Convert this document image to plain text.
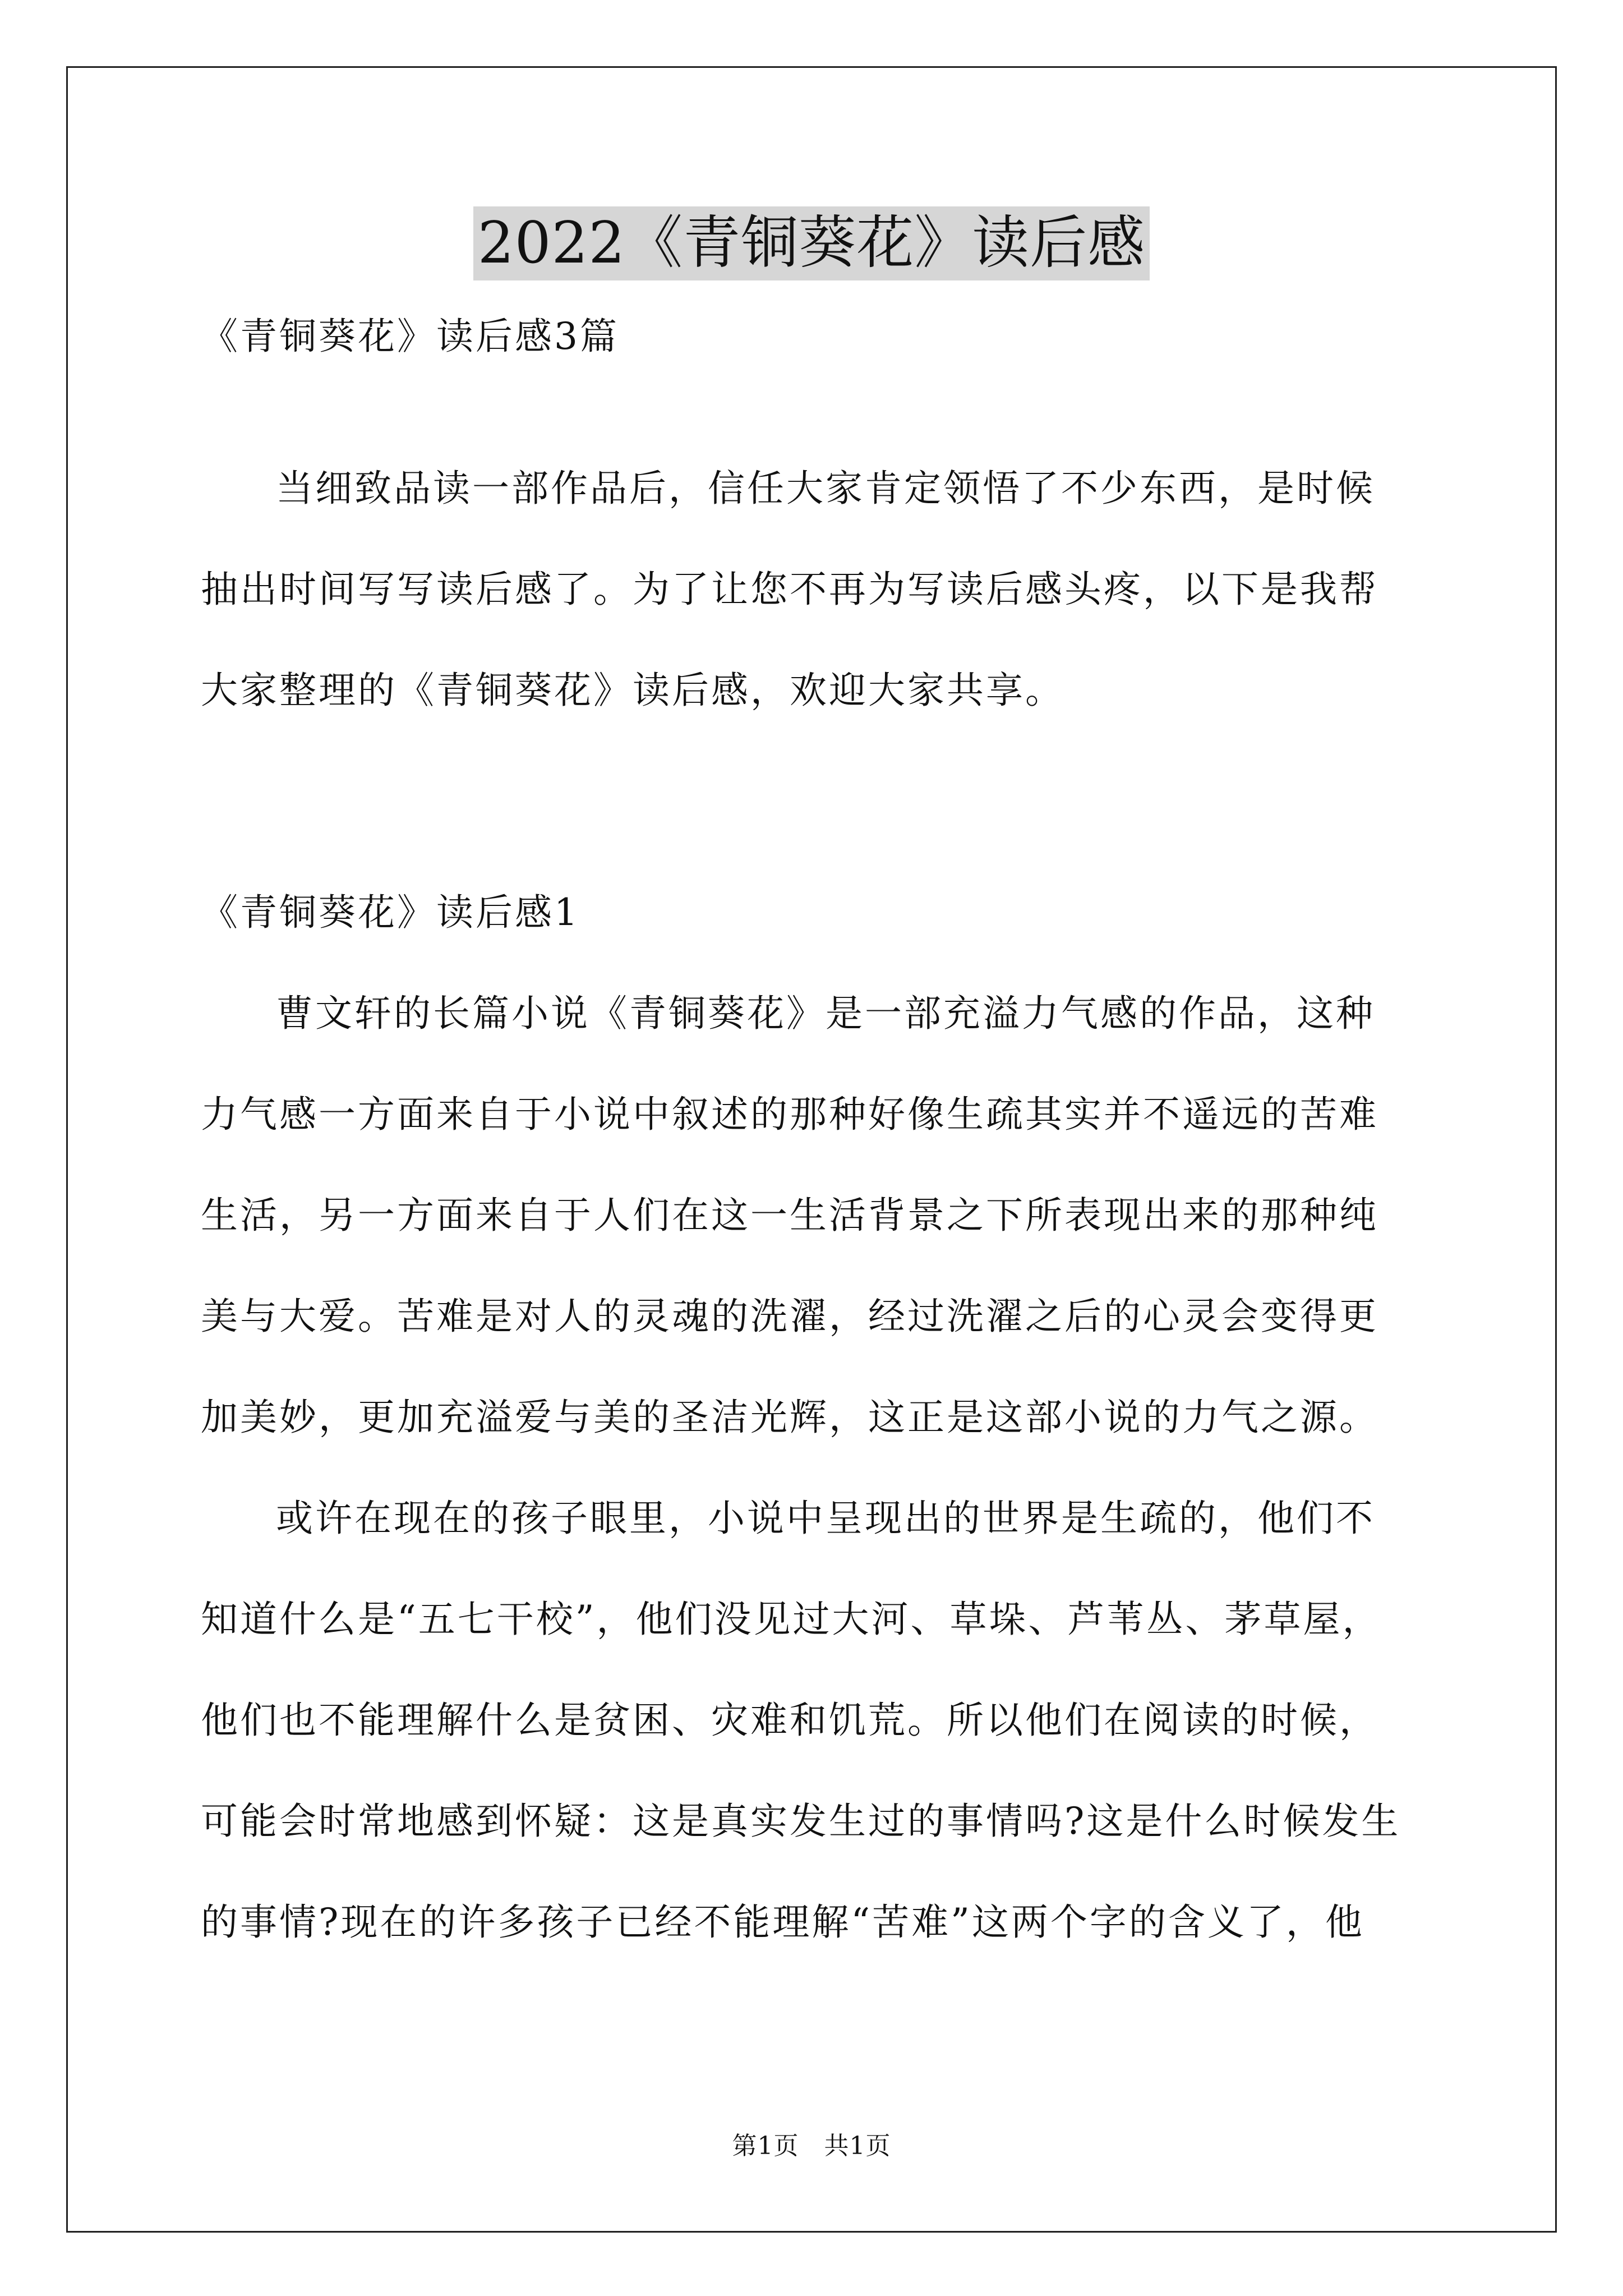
2022《青铜葵花》读后感
《青铜葵花》读后感3篇
当细致品读一部作品后，信任大家肯定领悟了不少东西，是时候
抽出时间写写读后感了。为了让您不再为写读后感头疼，以下是我帮
大家整理的《青铜葵花》读后感，欢迎大家共享。
《青铜葵花》读后感1
曹文轩的长篇小说《青铜葵花》是一部充溢力气感的作品，这种
力气感一方面来自于小说中叙述的那种好像生疏其实并不遥远的苦难
生活，另一方面来自于人们在这一生活背景之下所表现出来的那种纯
美与大爱。苦难是对人的灵魂的洗濯，经过洗濯之后的心灵会变得更
加美妙，更加充溢爱与美的圣洁光辉，这正是这部小说的力气之源。
或许在现在的孩子眼里，小说中呈现出的世界是生疏的，他们不
知道什么是“五七干校”，他们没见过大河、草垛、芦苇丛、茅草屋，
他们也不能理解什么是贫困、灾难和饥荒。所以他们在阅读的时候，
可能会时常地感到怀疑：这是真实发生过的事情吗?这是什么时候发生
的事情?现在的许多孩子已经不能理解“苦难”这两个字的含义了，他
第1页　共1页
